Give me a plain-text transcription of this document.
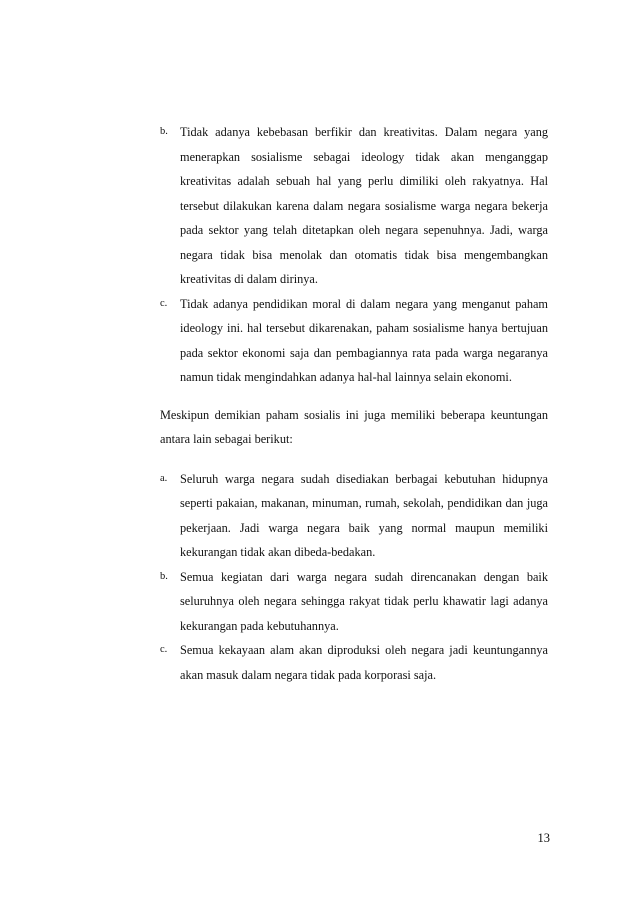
b. Tidak adanya kebebasan berfikir dan kreativitas. Dalam negara yang menerapkan sosialisme sebagai ideology tidak akan menganggap kreativitas adalah sebuah hal yang perlu dimiliki oleh rakyatnya. Hal tersebut dilakukan karena dalam negara sosialisme warga negara bekerja pada sektor yang telah ditetapkan oleh negara sepenuhnya. Jadi, warga negara tidak bisa menolak dan otomatis tidak bisa mengembangkan kreativitas di dalam dirinya.
c. Tidak adanya pendidikan moral di dalam negara yang menganut paham ideology ini. hal tersebut dikarenakan, paham sosialisme hanya bertujuan pada sektor ekonomi saja dan pembagiannya rata pada warga negaranya namun tidak mengindahkan adanya hal-hal lainnya selain ekonomi.

Meskipun demikian paham sosialis ini juga memiliki beberapa keuntungan antara lain sebagai berikut:

a. Seluruh warga negara sudah disediakan berbagai kebutuhan hidupnya seperti pakaian, makanan, minuman, rumah, sekolah, pendidikan dan juga pekerjaan. Jadi warga negara baik yang normal maupun memiliki kekurangan tidak akan dibeda-bedakan.
b. Semua kegiatan dari warga negara sudah direncanakan dengan baik seluruhnya oleh negara sehingga rakyat tidak perlu khawatir lagi adanya kekurangan pada kebutuhannya.
c. Semua kekayaan alam akan diproduksi oleh negara jadi keuntungannya akan masuk dalam negara tidak pada korporasi saja.
13
